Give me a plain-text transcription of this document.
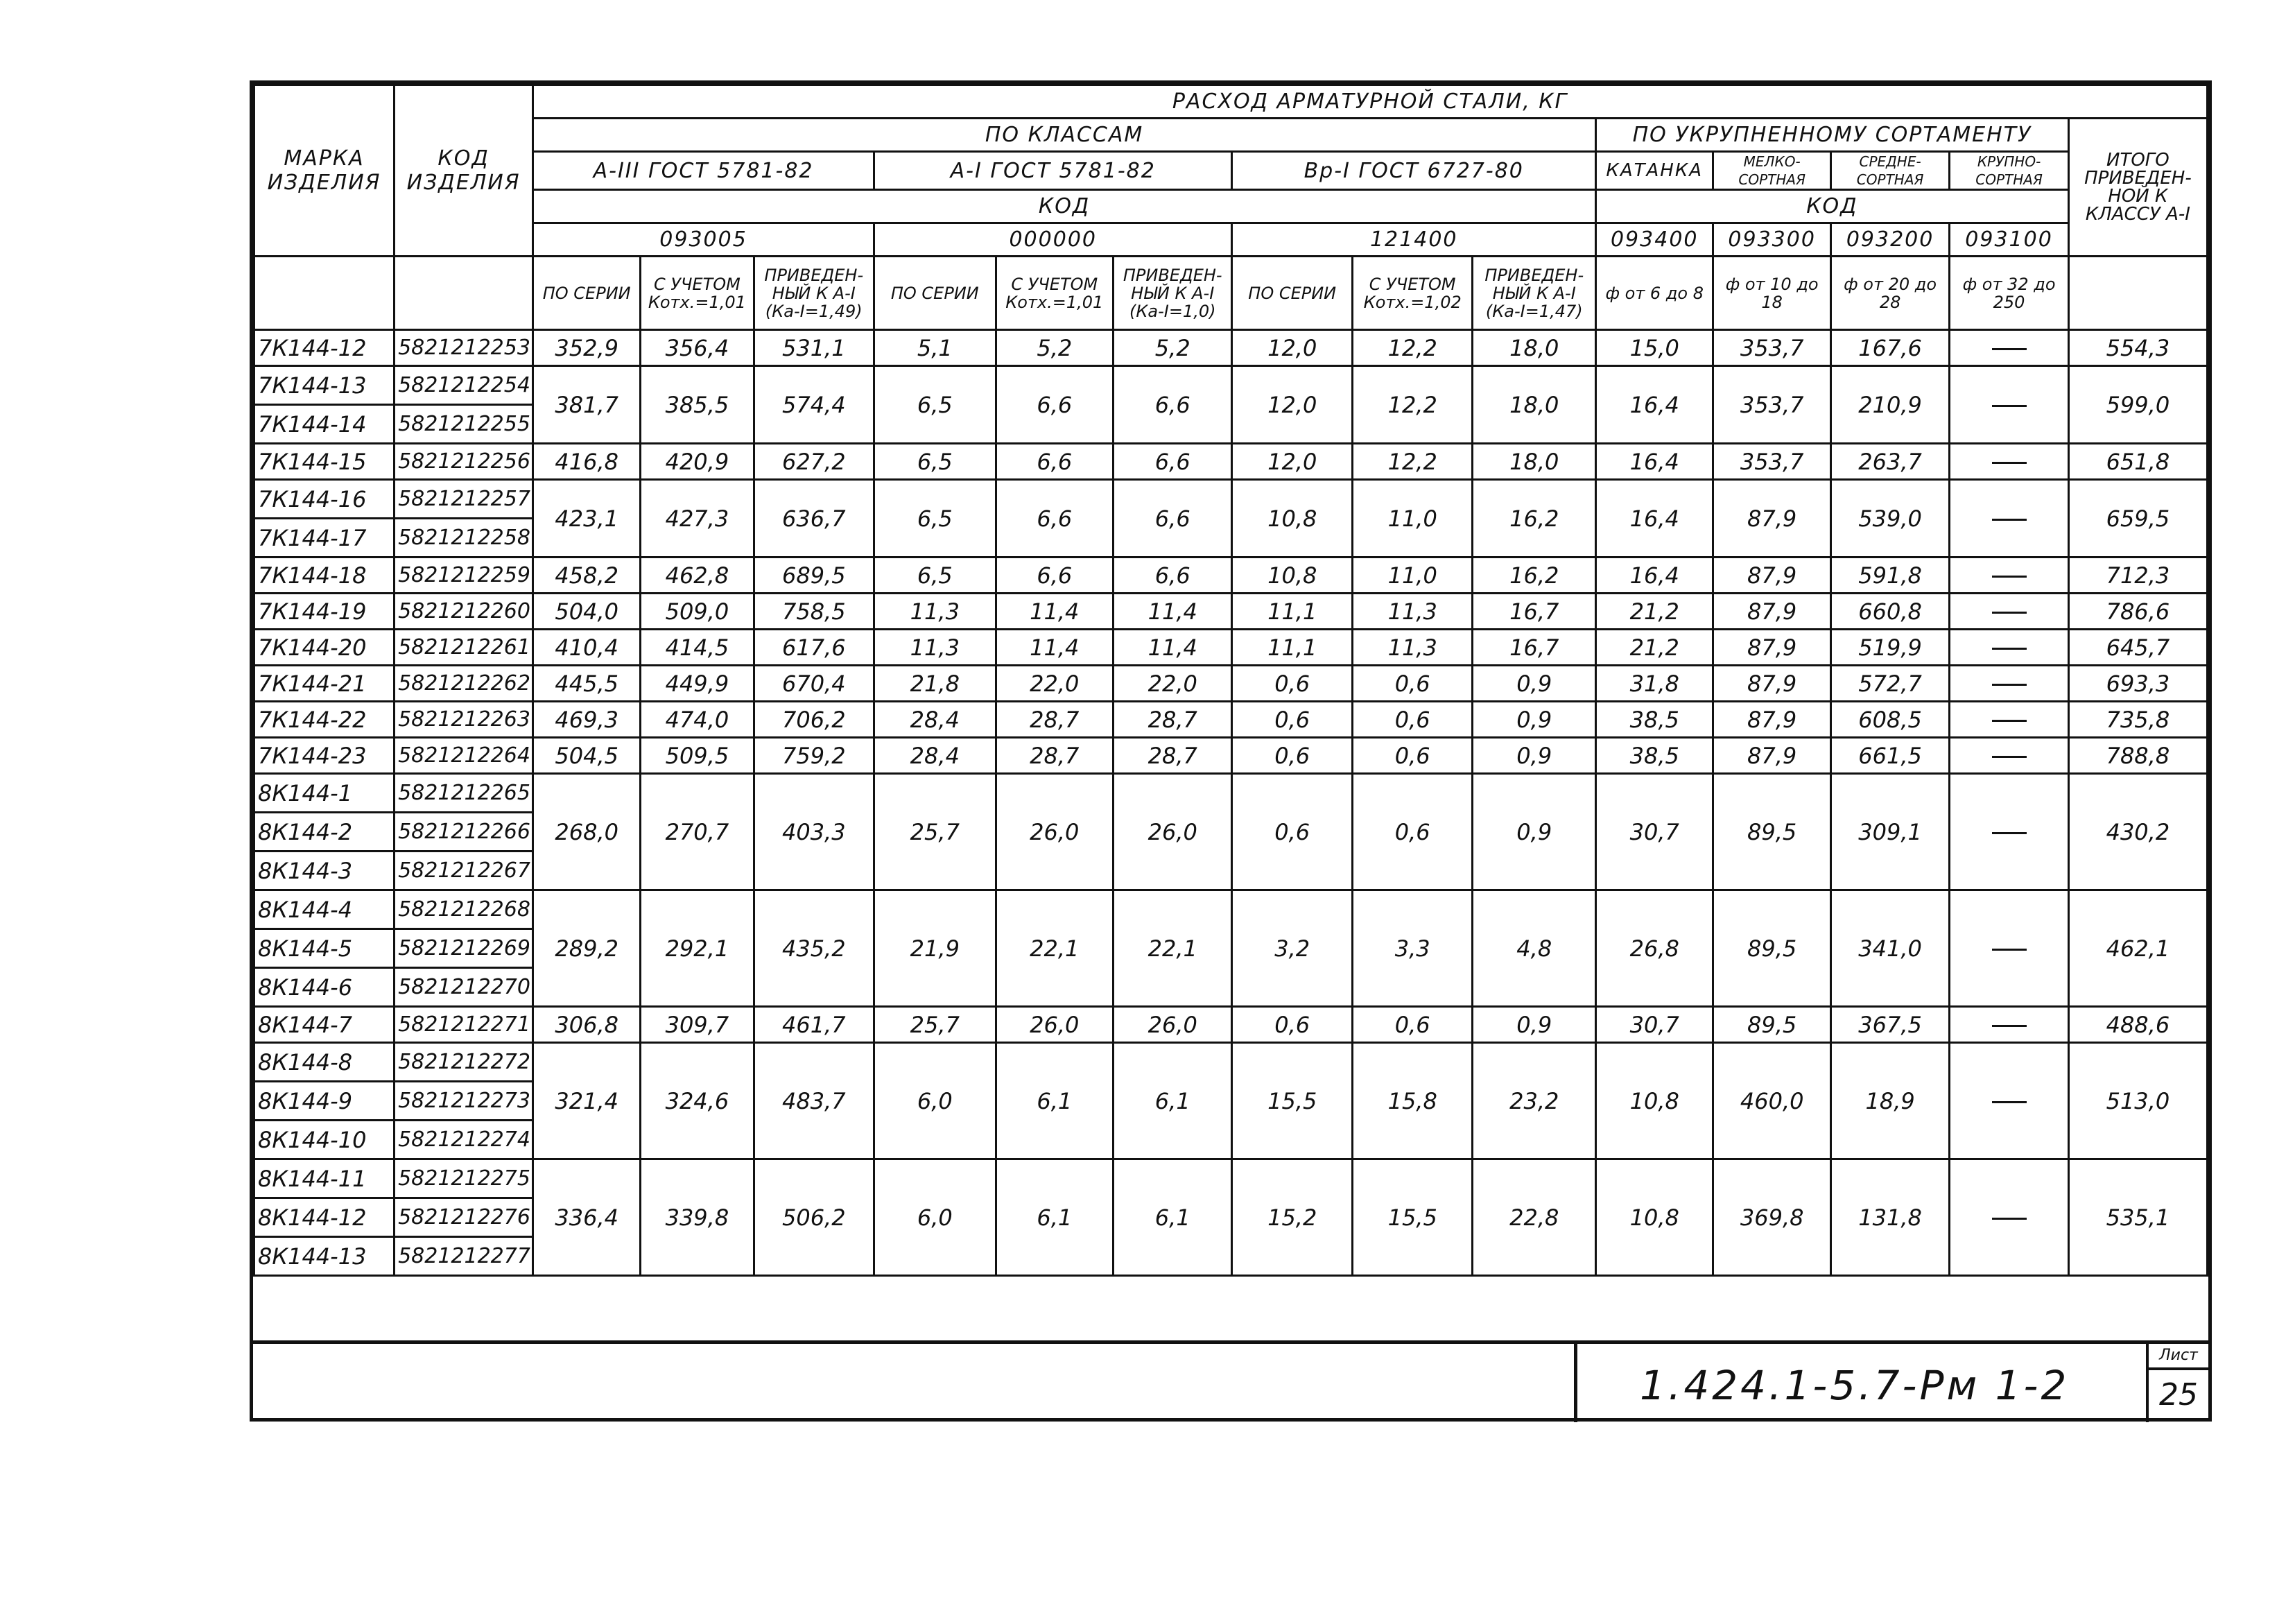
МАРКА ИЗДЕЛИЯ	КОД ИЗДЕЛИЯ	РАСХОД АРМАТУРНОЙ СТАЛИ, КГ													
		ПО КЛАССАМ									ПО УКРУПНЕННОМУ СОРТАМЕНТУ				ИТОГО ПРИВЕДЕН-НОЙ К КЛАССУ А-I
		А-III ГОСТ 5781-82			А-I ГОСТ 5781-82			Вр-I ГОСТ 6727-80			КАТАНКА	МЕЛКО-СОРТНАЯ	СРЕДНЕ-СОРТНАЯ	КРУПНО-СОРТНАЯ	
		КОД									КОД				
		093005			000000			121400			093400	093300	093200	093100	
		ПО СЕРИИ	С УЧЕТОМ Котх.=1,01	ПРИВЕДЕН-НЫЙ К А-I (Ка-I=1,49)	ПО СЕРИИ	С УЧЕТОМ Котх.=1,01	ПРИВЕДЕН-НЫЙ К А-I (Ка-I=1,0)	ПО СЕРИИ	С УЧЕТОМ Котх.=1,02	ПРИВЕДЕН-НЫЙ К А-I (Ка-I=1,47)	ф от 6 до 8	ф от 10 до 18	ф от 20 до 28	ф от 32 до 250	
7К144-12	5821212253	352,9	356,4	531,1	5,1	5,2	5,2	12,0	12,2	18,0	15,0	353,7	167,6		554,3
7К144-13	5821212254	381,7	385,5	574,4	6,5	6,6	6,6	12,0	12,2	18,0	16,4	353,7	210,9		599,0
7К144-14	5821212255														
7К144-15	5821212256	416,8	420,9	627,2	6,5	6,6	6,6	12,0	12,2	18,0	16,4	353,7	263,7		651,8
7К144-16	5821212257	423,1	427,3	636,7	6,5	6,6	6,6	10,8	11,0	16,2	16,4	87,9	539,0		659,5
7К144-17	5821212258														
7К144-18	5821212259	458,2	462,8	689,5	6,5	6,6	6,6	10,8	11,0	16,2	16,4	87,9	591,8		712,3
7К144-19	5821212260	504,0	509,0	758,5	11,3	11,4	11,4	11,1	11,3	16,7	21,2	87,9	660,8		786,6
7К144-20	5821212261	410,4	414,5	617,6	11,3	11,4	11,4	11,1	11,3	16,7	21,2	87,9	519,9		645,7
7К144-21	5821212262	445,5	449,9	670,4	21,8	22,0	22,0	0,6	0,6	0,9	31,8	87,9	572,7		693,3
7К144-22	5821212263	469,3	474,0	706,2	28,4	28,7	28,7	0,6	0,6	0,9	38,5	87,9	608,5		735,8
7К144-23	5821212264	504,5	509,5	759,2	28,4	28,7	28,7	0,6	0,6	0,9	38,5	87,9	661,5		788,8
8К144-1	5821212265	268,0	270,7	403,3	25,7	26,0	26,0	0,6	0,6	0,9	30,7	89,5	309,1		430,2
8К144-2	5821212266														
8К144-3	5821212267														
8К144-4	5821212268	289,2	292,1	435,2	21,9	22,1	22,1	3,2	3,3	4,8	26,8	89,5	341,0		462,1
8К144-5	5821212269														
8К144-6	5821212270														
8К144-7	5821212271	306,8	309,7	461,7	25,7	26,0	26,0	0,6	0,6	0,9	30,7	89,5	367,5		488,6
8К144-8	5821212272	321,4	324,6	483,7	6,0	6,1	6,1	15,5	15,8	23,2	10,8	460,0	18,9		513,0
8К144-9	5821212273														
8К144-10	5821212274														
8К144-11	5821212275	336,4	339,8	506,2	6,0	6,1	6,1	15,2	15,5	22,8	10,8	369,8	131,8		535,1
8К144-12	5821212276														
8К144-13	5821212277														
1.424.1-5.7-Рм 1-2
Лист
25
